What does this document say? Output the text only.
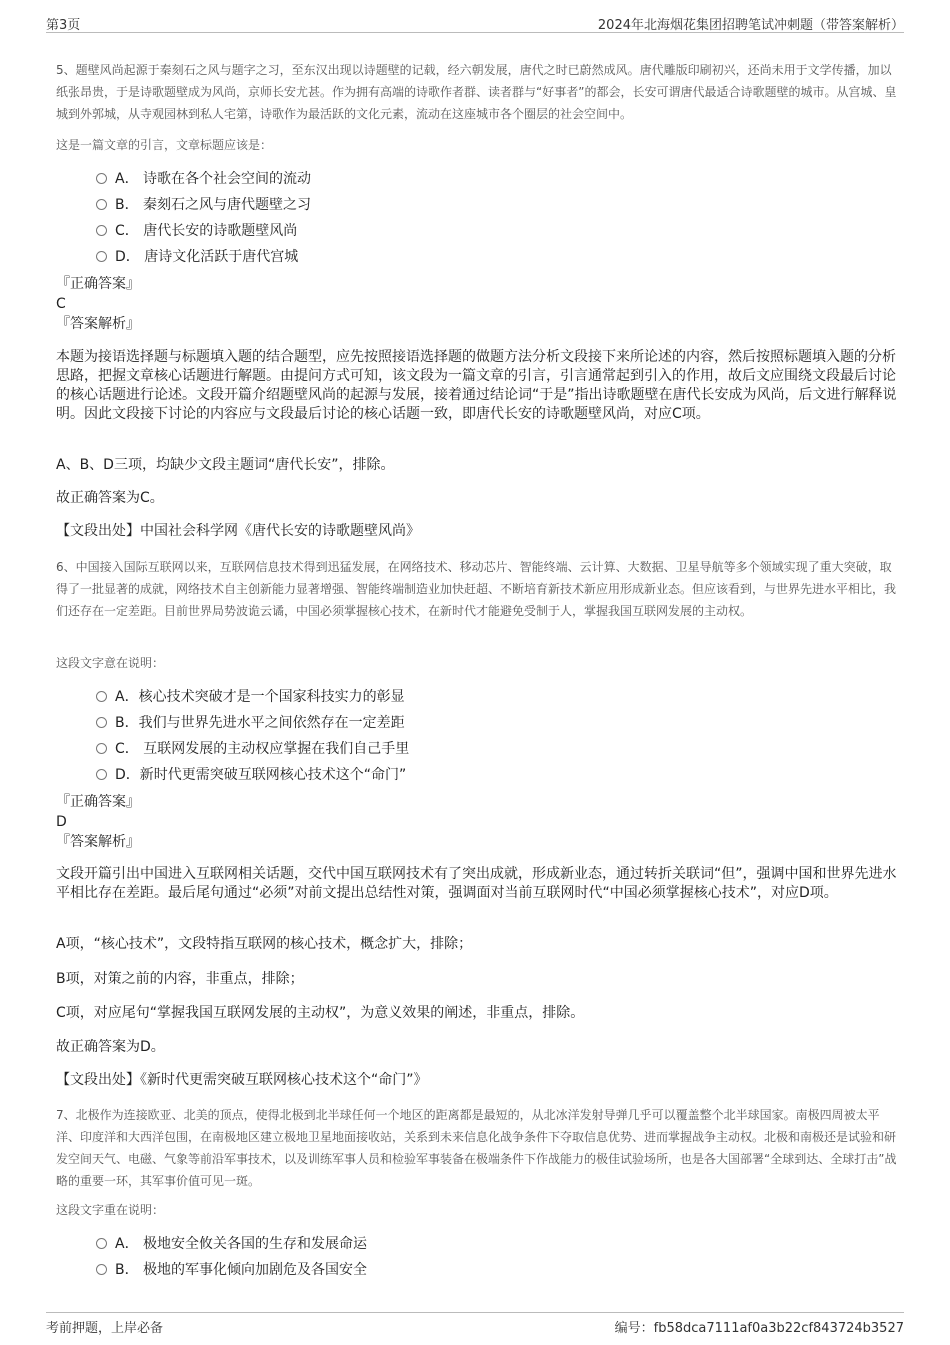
第3页	2024年北海烟花集团招聘笔试冲刺题（带答案解析）
5、题壁风尚起源于秦刻石之风与题字之习，至东汉出现以诗题壁的记载，经六朝发展，唐代之时已蔚然成风。唐代雕版印刷初兴，还尚未用于文学传播，加以纸张昂贵，于是诗歌题壁成为风尚，京师长安尤甚。作为拥有高端的诗歌作者群、读者群与“好事者”的都会，长安可谓唐代最适合诗歌题壁的城市。从宫城、皇城到外郭城，从寺观园林到私人宅第，诗歌作为最活跃的文化元素，流动在这座城市各个圈层的社会空间中。
这是一篇文章的引言，文章标题应该是：
A． 诗歌在各个社会空间的流动
B． 秦刻石之风与唐代题壁之习
C． 唐代长安的诗歌题壁风尚
D． 唐诗文化活跃于唐代宫城
『正确答案』
C
『答案解析』
本题为接语选择题与标题填入题的结合题型，应先按照接语选择题的做题方法分析文段接下来所论述的内容，然后按照标题填入题的分析思路，把握文章核心话题进行解题。由提问方式可知，该文段为一篇文章的引言，引言通常起到引入的作用，故后文应围绕文段最后讨论的核心话题进行论述。文段开篇介绍题壁风尚的起源与发展，接着通过结论词“于是”指出诗歌题壁在唐代长安成为风尚，后文进行解释说明。因此文段接下讨论的内容应与文段最后讨论的核心话题一致，即唐代长安的诗歌题壁风尚，对应C项。
A、B、D三项，均缺少文段主题词“唐代长安”，排除。
故正确答案为C。
【文段出处】中国社会科学网《唐代长安的诗歌题壁风尚》
6、中国接入国际互联网以来，互联网信息技术得到迅猛发展，在网络技术、移动芯片、智能终端、云计算、大数据、卫星导航等多个领域实现了重大突破，取得了一批显著的成就，网络技术自主创新能力显著增强、智能终端制造业加快赶超、不断培育新技术新应用形成新业态。但应该看到，与世界先进水平相比，我们还存在一定差距。目前世界局势波诡云谲，中国必须掌握核心技术，在新时代才能避免受制于人，掌握我国互联网发展的主动权。
这段文字意在说明：
A．核心技术突破才是一个国家科技实力的彰显
B．我们与世界先进水平之间依然存在一定差距
C． 互联网发展的主动权应掌握在我们自己手里
D．新时代更需突破互联网核心技术这个“命门”
『正确答案』
D
『答案解析』
文段开篇引出中国进入互联网相关话题，交代中国互联网技术有了突出成就，形成新业态，通过转折关联词“但”，强调中国和世界先进水平相比存在差距。最后尾句通过“必须”对前文提出总结性对策，强调面对当前互联网时代“中国必须掌握核心技术”，对应D项。
A项，“核心技术”，文段特指互联网的核心技术，概念扩大，排除；
B项，对策之前的内容，非重点，排除；
C项，对应尾句“掌握我国互联网发展的主动权”，为意义效果的阐述，非重点，排除。
故正确答案为D。
【文段出处】《新时代更需突破互联网核心技术这个“命门”》
7、北极作为连接欧亚、北美的顶点，使得北极到北半球任何一个地区的距离都是最短的，从北冰洋发射导弹几乎可以覆盖整个北半球国家。南极四周被太平洋、印度洋和大西洋包围，在南极地区建立极地卫星地面接收站，关系到未来信息化战争条件下夺取信息优势、进而掌握战争主动权。北极和南极还是试验和研发空间天气、电磁、气象等前沿军事技术，以及训练军事人员和检验军事装备在极端条件下作战能力的极佳试验场所，也是各大国部署“全球到达、全球打击”战略的重要一环，其军事价值可见一斑。
这段文字重在说明：
A． 极地安全攸关各国的生存和发展命运
B． 极地的军事化倾向加剧危及各国安全
考前押题，上岸必备	编号：fb58dca7111af0a3b22cf843724b3527
